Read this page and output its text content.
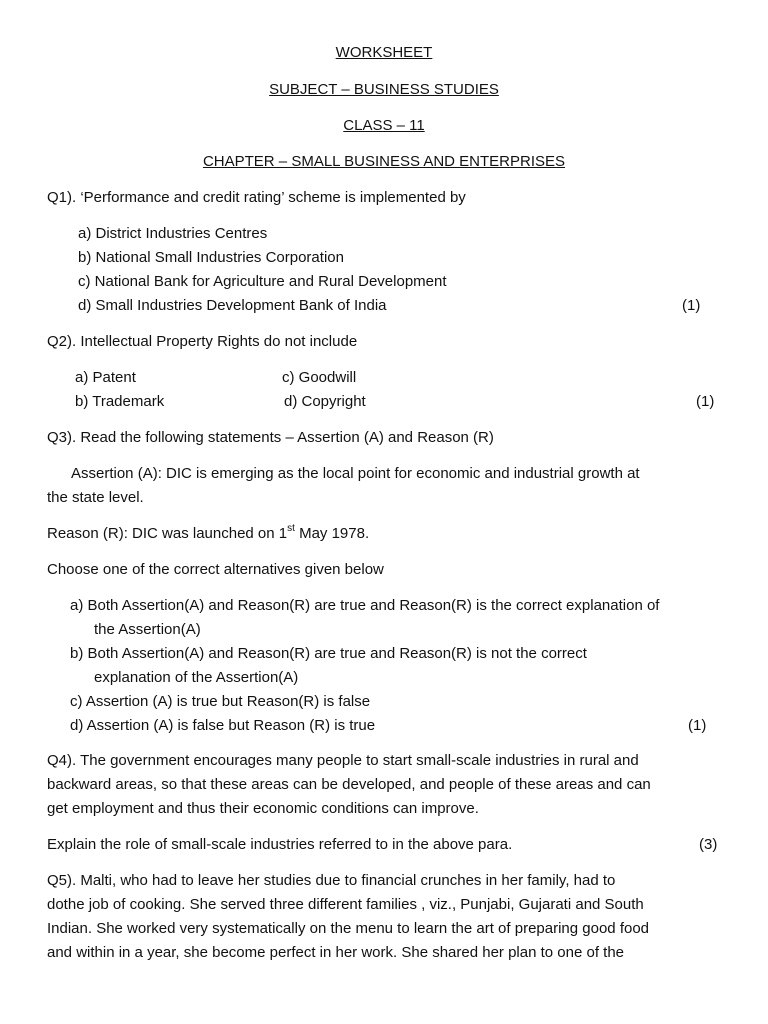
WORKSHEET
SUBJECT – BUSINESS STUDIES
CLASS – 11
CHAPTER – SMALL BUSINESS AND ENTERPRISES
Q1). ‘Performance and credit rating’ scheme is implemented by
a) District Industries Centres
b) National Small Industries Corporation
c) National Bank for Agriculture and Rural Development
d) Small Industries Development Bank of India	(1)
Q2). Intellectual Property Rights do not include
a) Patent	c) Goodwill
b) Trademark	d) Copyright	(1)
Q3). Read the following statements – Assertion (A) and Reason (R)
Assertion (A): DIC is emerging as the local point for economic and industrial growth at
the state level.
Reason (R): DIC was launched on 1st May 1978.
Choose one of the correct alternatives given below
a) Both Assertion(A) and Reason(R) are true and Reason(R) is the correct explanation of
the Assertion(A)
b) Both Assertion(A) and Reason(R) are true and Reason(R) is not the correct
explanation of the Assertion(A)
c) Assertion (A) is true but Reason(R) is false
d) Assertion (A) is false but Reason (R) is true	(1)
Q4). The government encourages many people to start small-scale industries in rural and
backward areas, so that these areas can be developed, and people of these areas and can
get employment and thus their economic conditions can improve.
Explain the role of small-scale industries referred to in the above para.	(3)
Q5). Malti, who had to leave her studies due to financial crunches in her family, had to
dothe job of cooking. She served three different families , viz., Punjabi, Gujarati and South
Indian. She worked very systematically on the menu to learn the art of preparing good food
and within in a year, she become perfect in her work. She shared her plan to one of the
